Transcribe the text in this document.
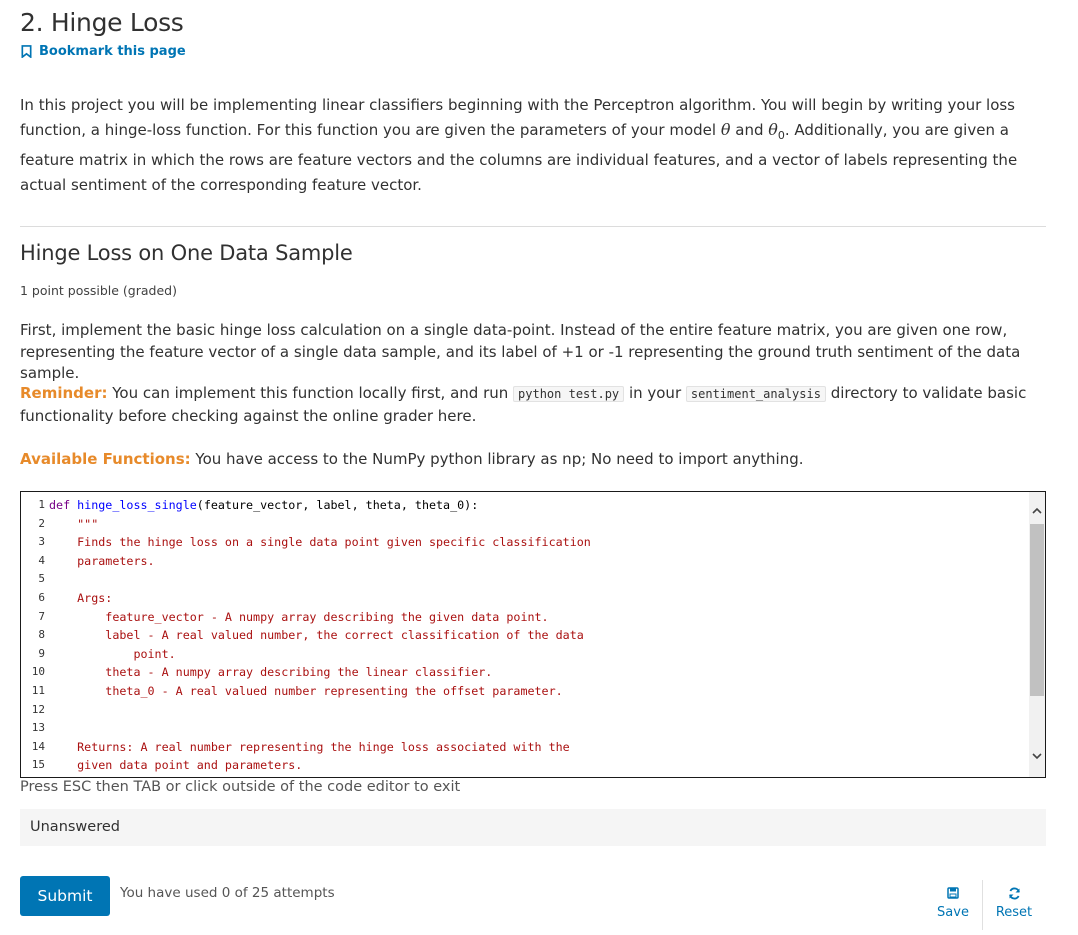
2. Hinge Loss
Bookmark this page

In this project you will be implementing linear classifiers beginning with the Perceptron algorithm. You will begin by writing your loss function, a hinge-loss function. For this function you are given the parameters of your model θ and $\theta_0$. Additionally, you are given a feature matrix in which the rows are feature vectors and the columns are individual features, and a vector of labels representing the actual sentiment of the corresponding feature vector.

Hinge Loss on One Data Sample
1 point possible (graded)

First, implement the basic hinge loss calculation on a single data-point. Instead of the entire feature matrix, you are given one row, representing the feature vector of a single data sample, and its label of +1 or -1 representing the ground truth sentiment of the data sample.

Reminder: You can implement this function locally first, and run python test.py in your sentiment_analysis directory to validate basic functionality before checking against the online grader here.

Available Functions: You have access to the NumPy python library as np; No need to import anything.

1 def hinge_loss_single(feature_vector, label, theta, theta_0):
2 """
3 Finds the hinge loss on a single data point given specific classification
4 parameters.
5
6 Args:
7 feature_vector - A numpy array describing the given data point.
8 label - A real valued number, the correct classification of the data
9 point.
10 theta - A numpy array describing the linear classifier.
11 theta_0 - A real valued number representing the offset parameter.
12
13
14 Returns: A real number representing the hinge loss associated with the
15 given data point and parameters.
Press ESC then TAB or click outside of the code editor to exit
Unanswered
Submit	You have used 0 of 25 attempts
Save	Reset
